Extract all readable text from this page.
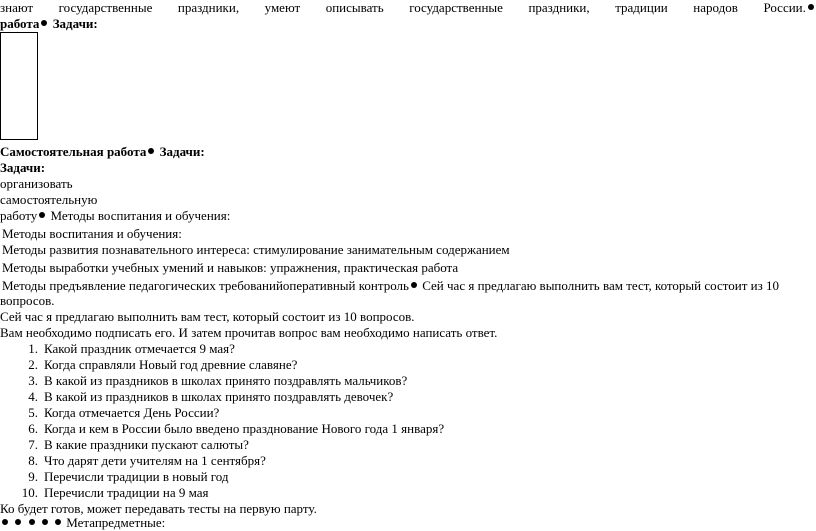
знают государственные праздники, умеют описывать государственные праздники, традиции народов России.
работа Задачи:
Самостоятельная работа Задачи:
Задачи:
организовать
самостоятельную
работу Методы воспитания и обучения:
Методы воспитания и обучения:
Методы развития познавательного интереса: стимулирование занимательным содержанием
Методы выработки учебных умений и навыков: упражнения, практическая работа
Методы предъявление педагогических требованийоперативный контроль Сей час я предлагаю выполнить вам тест, который состоит из 10
вопросов.
Сей час я предлагаю выполнить вам тест, который состоит из 10 вопросов.
Вам необходимо подписать его. И затем прочитав вопрос вам необходимо написать ответ.
1. Какой праздник отмечается 9 мая?
2. Когда справляли Новый год древние славяне?
3. В какой из праздников в школах принято поздравлять мальчиков?
4. В какой из праздников в школах принято поздравлять девочек?
5. Когда отмечается День России?
6. Когда и кем в России было введено празднование Нового года 1 января?
7. В какие праздники пускают салюты?
8. Что дарят дети учителям на 1 сентября?
9. Перечисли традиции в новый год
10. Перечисли традиции на 9 мая
Ко будет готов, может передавать тесты на первую парту.
Метапредметные:
